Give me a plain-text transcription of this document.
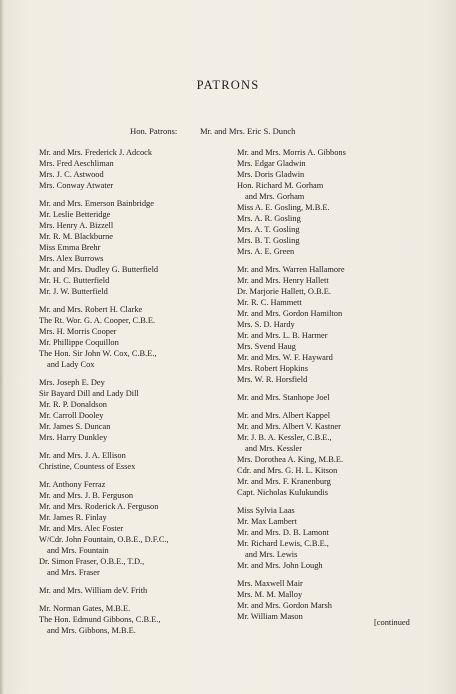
PATRONS
Hon. Patrons:	Mr. and Mrs. Eric S. Dunch
Mr. and Mrs. Frederick J. Adcock
Mrs. Fred Aeschliman
Mrs. J. C. Astwood
Mrs. Conway Atwater
Mr. and Mrs. Emerson Bainbridge
Mr. Leslie Betteridge
Mrs. Henry A. Bizzell
Mr. R. M. Blackburne
Miss Emma Brehr
Mrs. Alex Burrows
Mr. and Mrs. Dudley G. Butterfield
Mr. H. C. Butterfield
Mr. J. W. Butterfield
Mr. and Mrs. Robert H. Clarke
The Rt. Wor. G. A. Cooper, C.B.E.
Mrs. H. Morris Cooper
Mr. Phillippe Coquillon
The Hon. Sir John W. Cox, C.B.E.,
and Lady Cox
Mrs. Joseph E. Dey
Sir Bayard Dill and Lady Dill
Mr. R. P. Donaldson
Mr. Carroll Dooley
Mr. James S. Duncan
Mrs. Harry Dunkley
Mr. and Mrs. J. A. Ellison
Christine, Countess of Essex
Mr. Anthony Ferraz
Mr. and Mrs. J. B. Ferguson
Mr. and Mrs. Roderick A. Ferguson
Mr. James R. Finlay
Mr. and Mrs. Alec Foster
W/Cdr. John Fountain, O.B.E., D.F.C.,
and Mrs. Fountain
Dr. Simon Fraser, O.B.E., T.D.,
and Mrs. Fraser
Mr. and Mrs. William deV. Frith
Mr. Norman Gates, M.B.E.
The Hon. Edmund Gibbons, C.B.E.,
and Mrs. Gibbons, M.B.E.
Mr. and Mrs. Morris A. Gibbons
Mrs. Edgar Gladwin
Mrs. Doris Gladwin
Hon. Richard M. Gorham
and Mrs. Gorham
Miss A. E. Gosling, M.B.E.
Mrs. A. R. Gosling
Mrs. A. T. Gosling
Mrs. B. T. Gosling
Mrs. A. E. Green
Mr. and Mrs. Warren Hallamore
Mr. and Mrs. Henry Hallett
Dr. Marjorie Hallett, O.B.E.
Mr. R. C. Hammett
Mr. and Mrs. Gordon Hamilton
Mrs. S. D. Hardy
Mr. and Mrs. L. B. Harmer
Mrs. Svend Haug
Mr. and Mrs. W. F. Hayward
Mrs. Robert Hopkins
Mrs. W. R. Horsfield
Mr. and Mrs. Stanhope Joel
Mr. and Mrs. Albert Kappel
Mr. and Mrs. Albert V. Kastner
Mr. J. B. A. Kessler, C.B.E.,
and Mrs. Kessler
Mrs. Dorothea A. King, M.B.E.
Cdr. and Mrs. G. H. L. Kitson
Mr. and Mrs. F. Kranenburg
Capt. Nicholas Kulukundis
Miss Sylvia Laas
Mr. Max Lambert
Mr. and Mrs. D. B. Lamont
Mr. Richard Lewis, C.B.E.,
and Mrs. Lewis
Mr. and Mrs. John Lough
Mrs. Maxwell Mair
Mrs. M. M. Malloy
Mr. and Mrs. Gordon Marsh
Mr. William Mason
[continued
